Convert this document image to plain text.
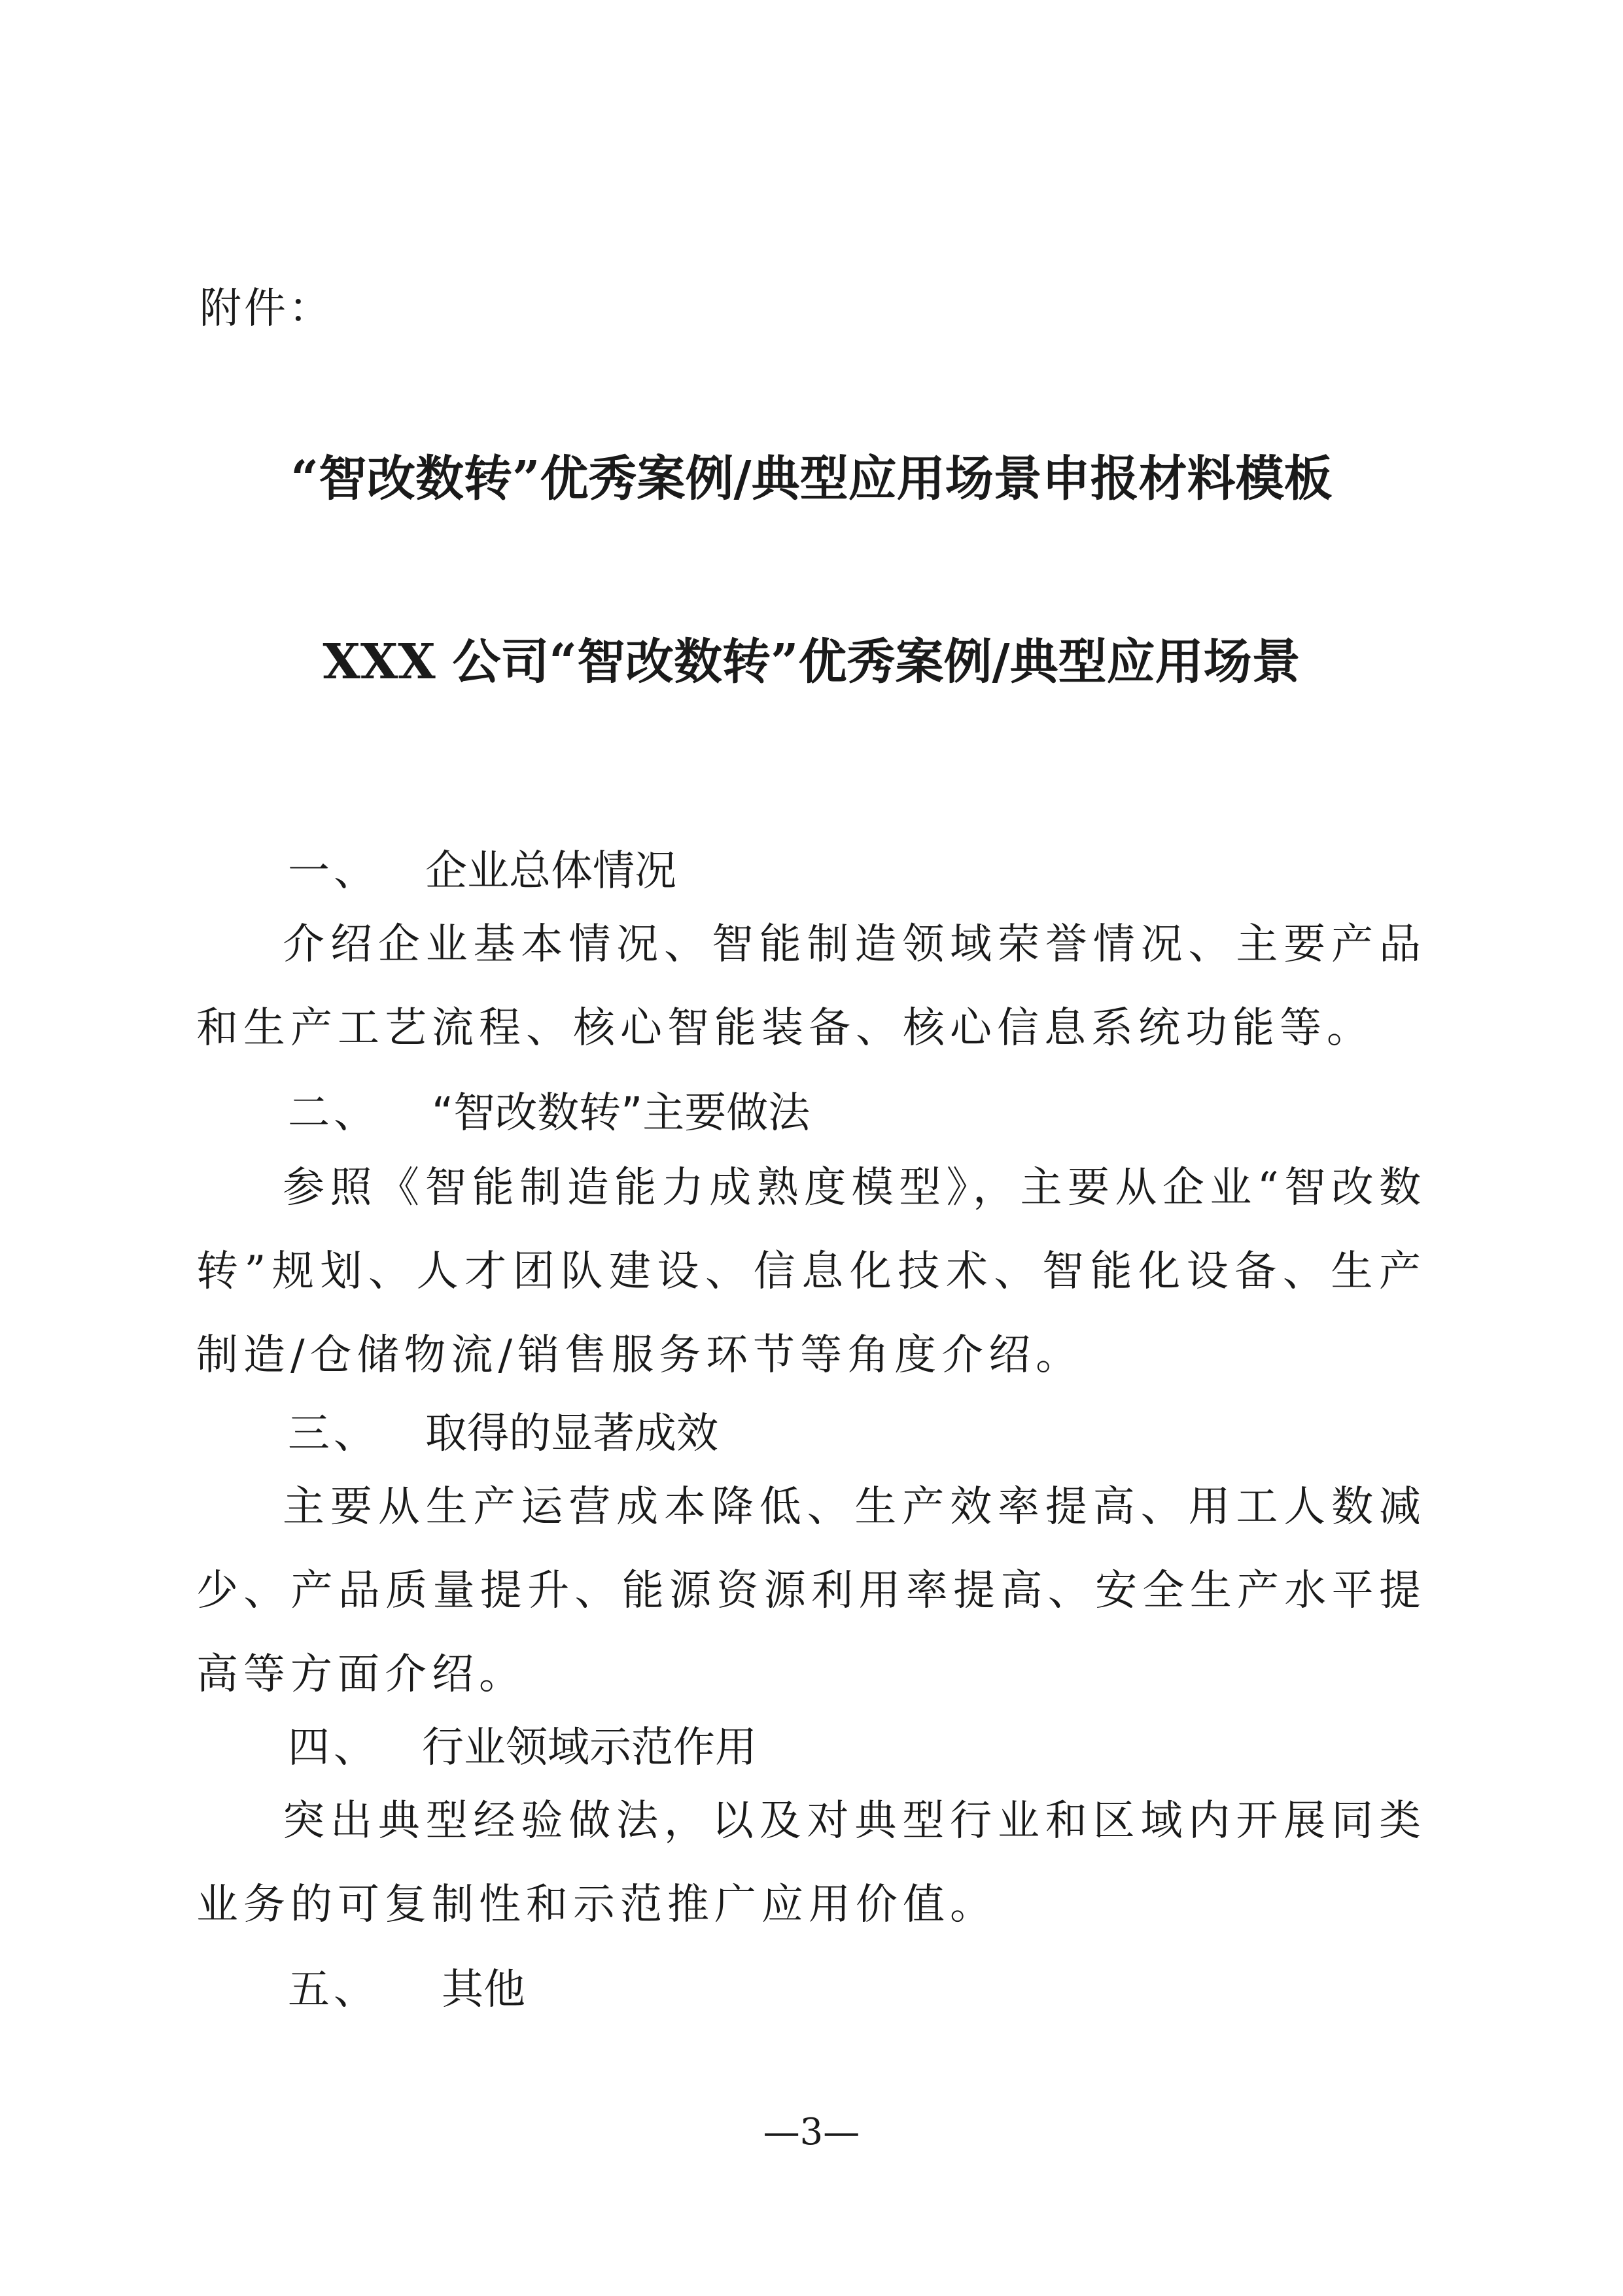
附件：
“智改数转”优秀案例/典型应用场景申报材料模板
XXX 公司“智改数转”优秀案例/典型应用场景
一、 企业总体情况

介绍企业基本情况、智能制造领域荣誉情况、主要产品和生产工艺流程、核心智能装备、核心信息系统功能等。

二、 “智改数转”主要做法

参照《智能制造能力成熟度模型》，主要从企业“智改数转”规划、人才团队建设、信息化技术、智能化设备、生产制造/仓储物流/销售服务环节等角度介绍。

三、 取得的显著成效

主要从生产运营成本降低、生产效率提高、用工人数减少、产品质量提升、能源资源利用率提高、安全生产水平提高等方面介绍。

四、 行业领域示范作用

突出典型经验做法，以及对典型行业和区域内开展同类业务的可复制性和示范推广应用价值。

五、 其他
—3—
